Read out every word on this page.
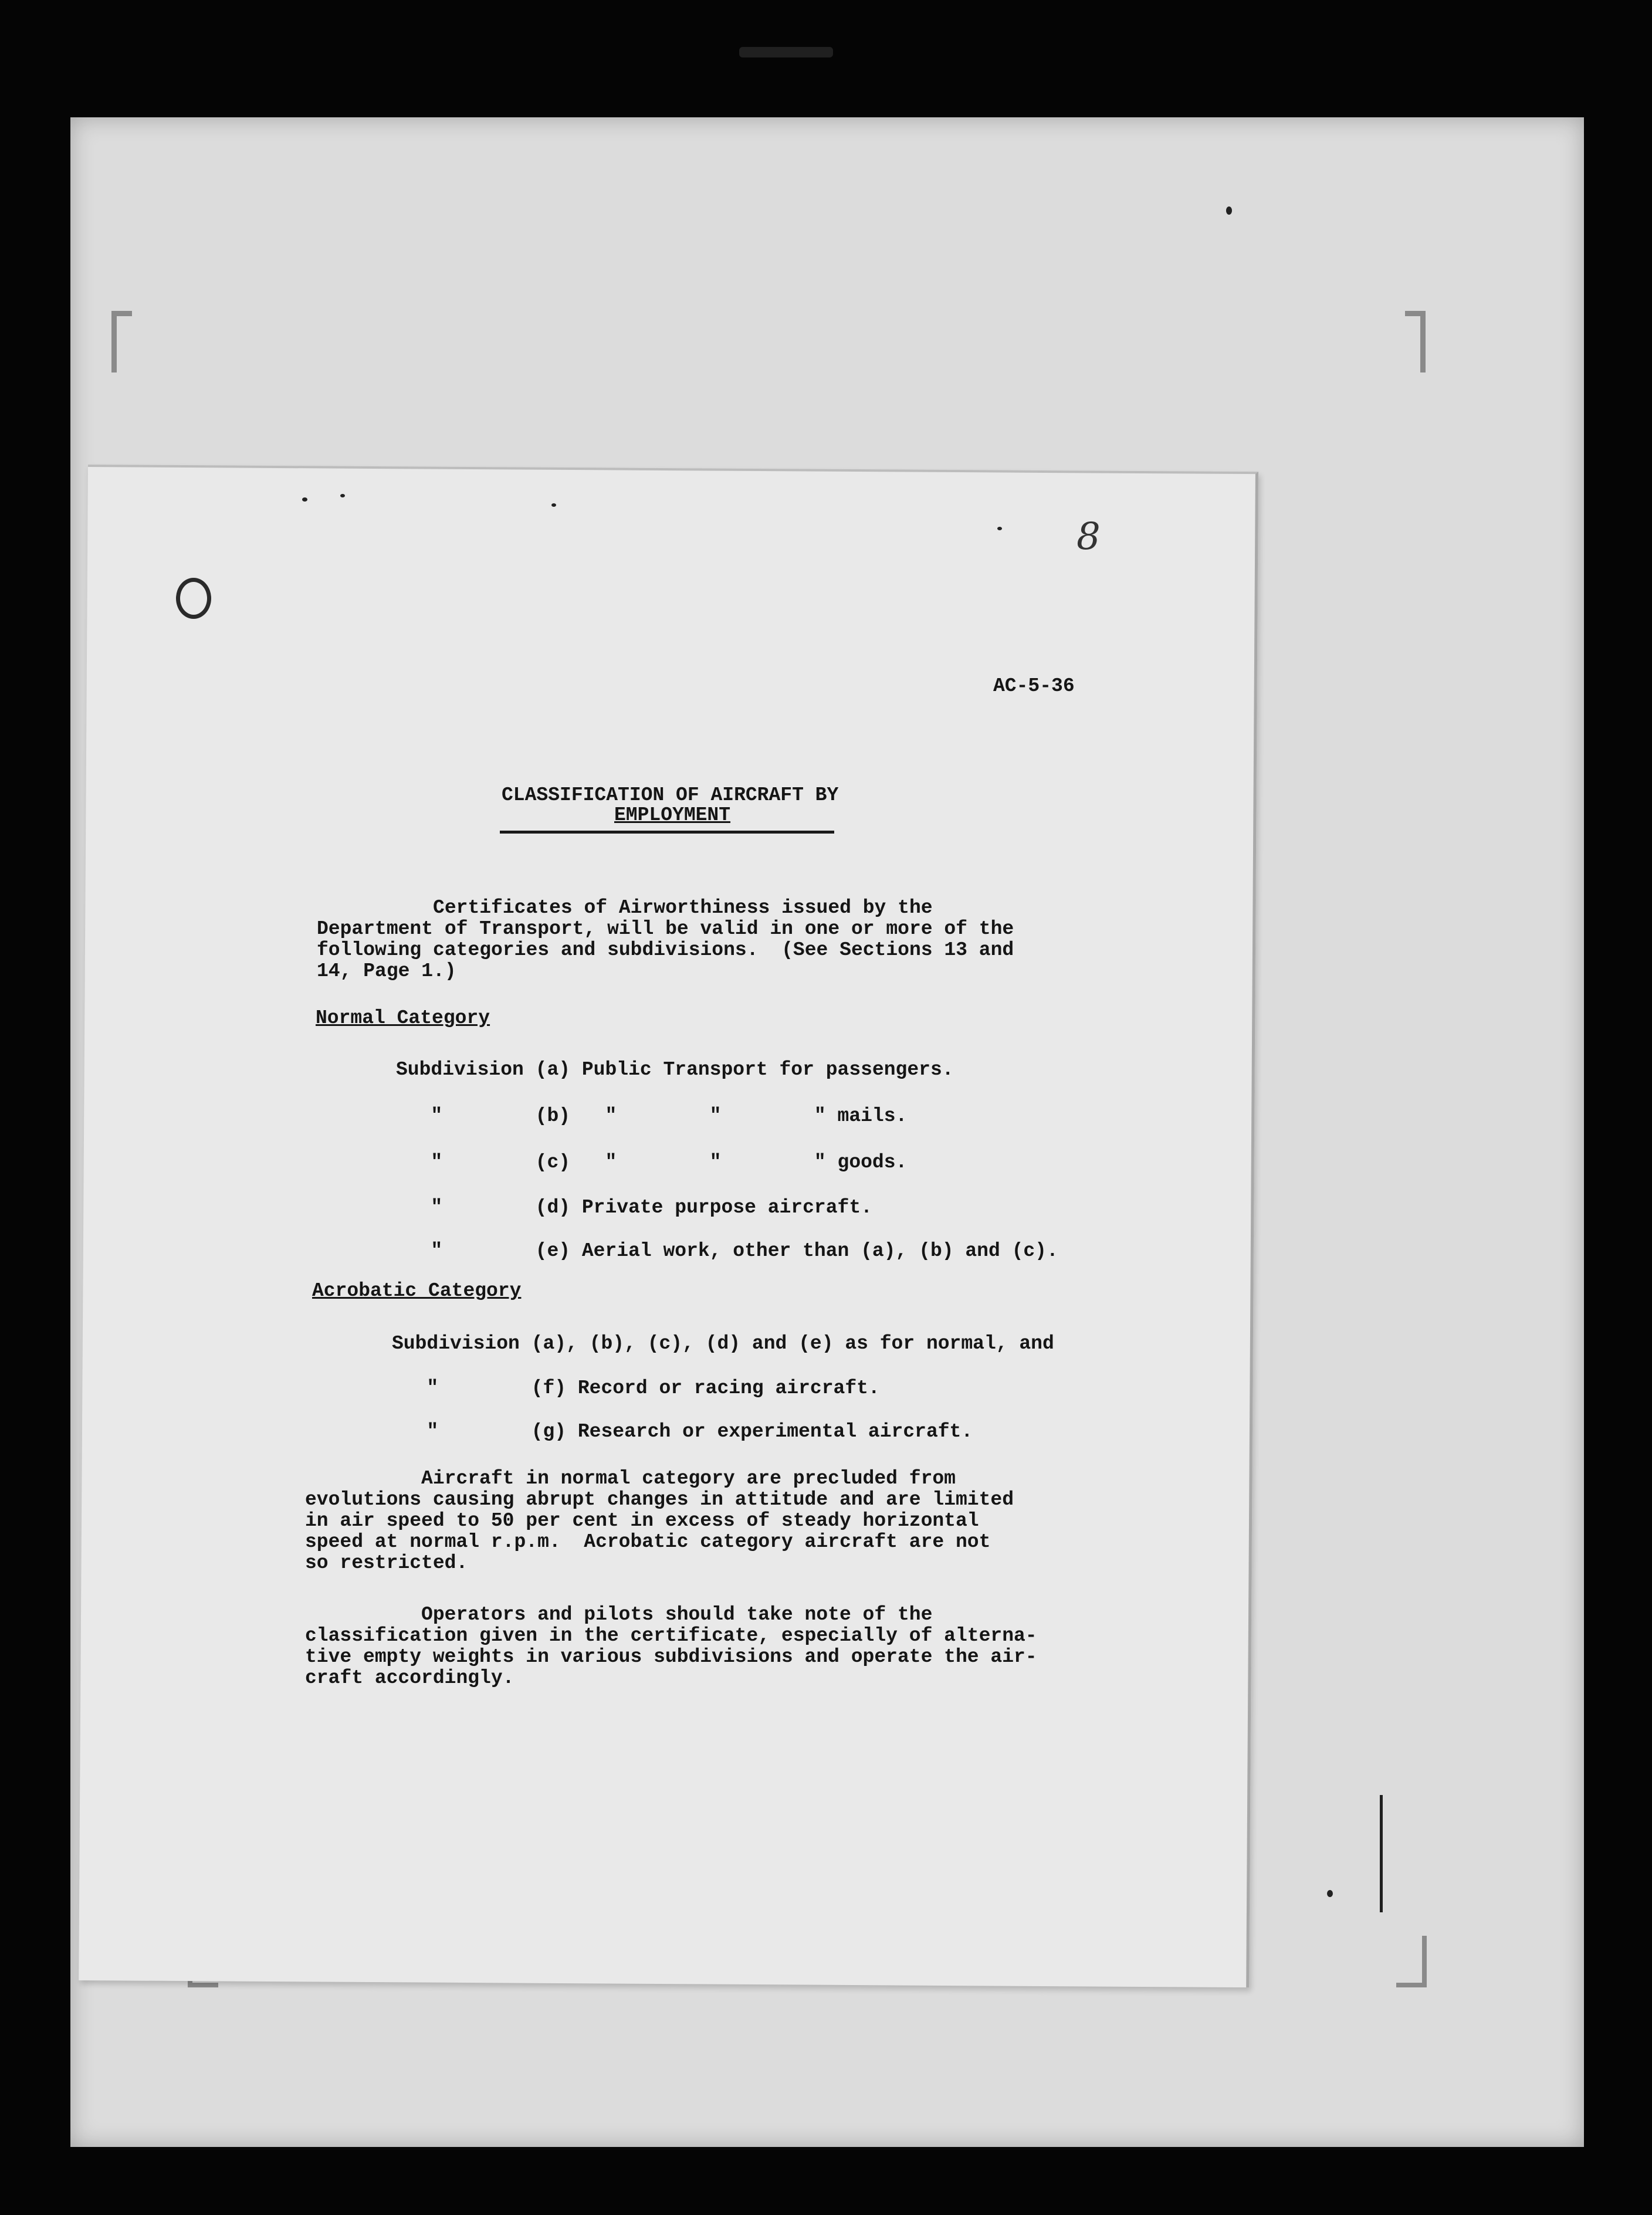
8
AC-5-36
CLASSIFICATION OF AIRCRAFT BY
EMPLOYMENT
Certificates of Airworthiness issued by the
Department of Transport, will be valid in one or more of the
following categories and subdivisions.  (See Sections 13 and
14, Page 1.)
Normal Category
Subdivision (a) Public Transport for passengers.
"        (b)   "        "        " mails.
"        (c)   "        "        " goods.
"        (d) Private purpose aircraft.
"        (e) Aerial work, other than (a), (b) and (c).
Acrobatic Category
Subdivision (a), (b), (c), (d) and (e) as for normal, and
"        (f) Record or racing aircraft.
"        (g) Research or experimental aircraft.
Aircraft in normal category are precluded from
evolutions causing abrupt changes in attitude and are limited
in air speed to 50 per cent in excess of steady horizontal
speed at normal r.p.m.  Acrobatic category aircraft are not
so restricted.
Operators and pilots should take note of the
classification given in the certificate, especially of alterna-
tive empty weights in various subdivisions and operate the air-
craft accordingly.
